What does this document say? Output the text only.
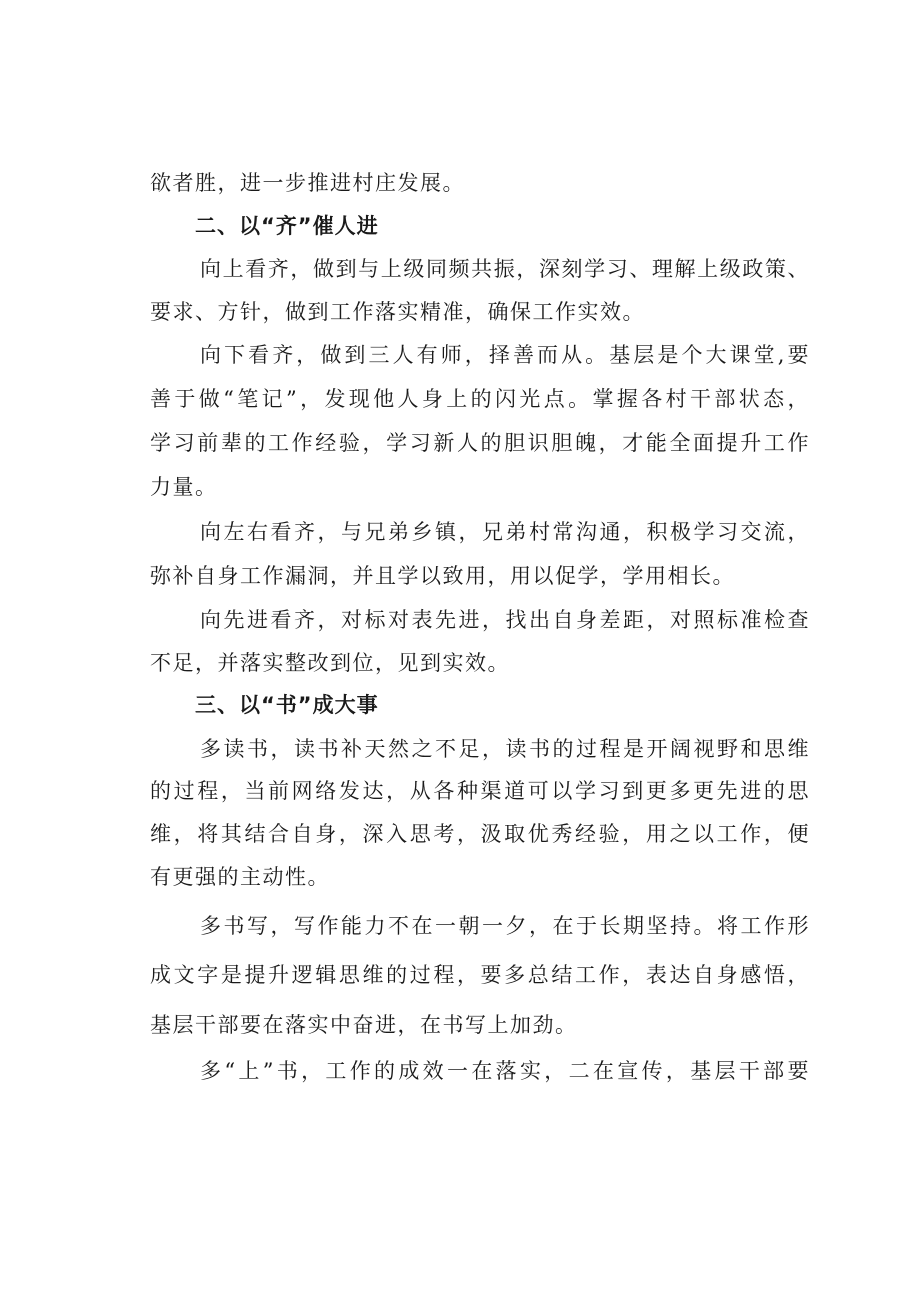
欲者胜，进一步推进村庄发展。
二、以“齐”催人进
向上看齐，做到与上级同频共振，深刻学习、理解上级政策、
要求、方针，做到工作落实精准，确保工作实效。
向下看齐，做到三人有师，择善而从。基层是个大课堂,要
善于做“笔记”，发现他人身上的闪光点。掌握各村干部状态，
学习前辈的工作经验，学习新人的胆识胆魄，才能全面提升工作
力量。
向左右看齐，与兄弟乡镇，兄弟村常沟通，积极学习交流，
弥补自身工作漏洞，并且学以致用，用以促学，学用相长。
向先进看齐，对标对表先进，找出自身差距，对照标准检查
不足，并落实整改到位，见到实效。
三、以“书”成大事
多读书，读书补天然之不足，读书的过程是开阔视野和思维
的过程，当前网络发达，从各种渠道可以学习到更多更先进的思
维，将其结合自身，深入思考，汲取优秀经验，用之以工作，便
有更强的主动性。
多书写，写作能力不在一朝一夕，在于长期坚持。将工作形
成文字是提升逻辑思维的过程，要多总结工作，表达自身感悟，
基层干部要在落实中奋进，在书写上加劲。
多“上”书，工作的成效一在落实，二在宣传，基层干部要
